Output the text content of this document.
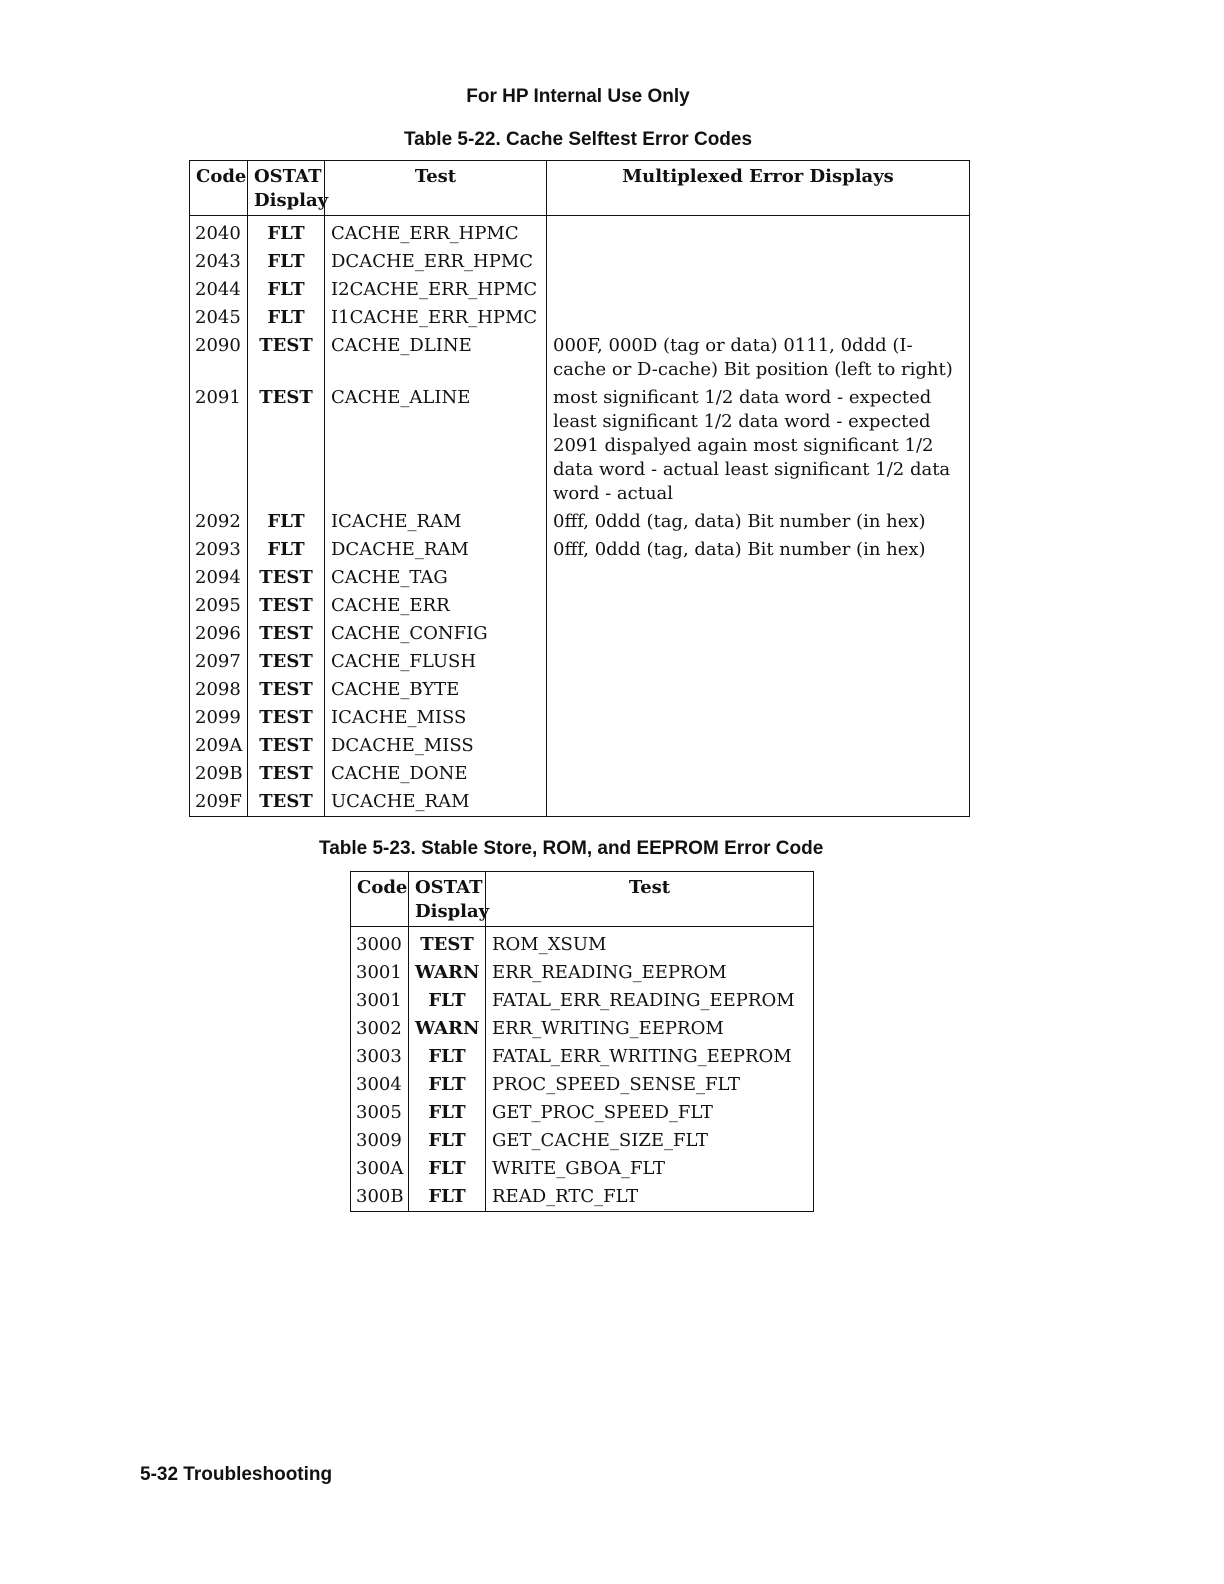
For HP Internal Use Only
Table 5-22. Cache Selftest Error Codes
Code	OSTAT Display	Test	Multiplexed Error Displays
2040	FLT	CACHE_ERR_HPMC	
2043	FLT	DCACHE_ERR_HPMC	
2044	FLT	I2CACHE_ERR_HPMC	
2045	FLT	I1CACHE_ERR_HPMC	
2090	TEST	CACHE_DLINE	000F, 000D (tag or data) 0111, 0ddd (I-cache or D-cache) Bit position (left to right)
2091	TEST	CACHE_ALINE	most significant 1/2 data word - expected least significant 1/2 data word - expected 2091 dispalyed again most significant 1/2 data word - actual least significant 1/2 data word - actual
2092	FLT	ICACHE_RAM	0fff, 0ddd (tag, data) Bit number (in hex)
2093	FLT	DCACHE_RAM	0fff, 0ddd (tag, data) Bit number (in hex)
2094	TEST	CACHE_TAG	
2095	TEST	CACHE_ERR	
2096	TEST	CACHE_CONFIG	
2097	TEST	CACHE_FLUSH	
2098	TEST	CACHE_BYTE	
2099	TEST	ICACHE_MISS	
209A	TEST	DCACHE_MISS	
209B	TEST	CACHE_DONE	
209F	TEST	UCACHE_RAM	
Table 5-23. Stable Store, ROM, and EEPROM Error Code
Code	OSTAT Display	Test
3000	TEST	ROM_XSUM
3001	WARN	ERR_READING_EEPROM
3001	FLT	FATAL_ERR_READING_EEPROM
3002	WARN	ERR_WRITING_EEPROM
3003	FLT	FATAL_ERR_WRITING_EEPROM
3004	FLT	PROC_SPEED_SENSE_FLT
3005	FLT	GET_PROC_SPEED_FLT
3009	FLT	GET_CACHE_SIZE_FLT
300A	FLT	WRITE_GBOA_FLT
300B	FLT	READ_RTC_FLT
5-32 Troubleshooting
